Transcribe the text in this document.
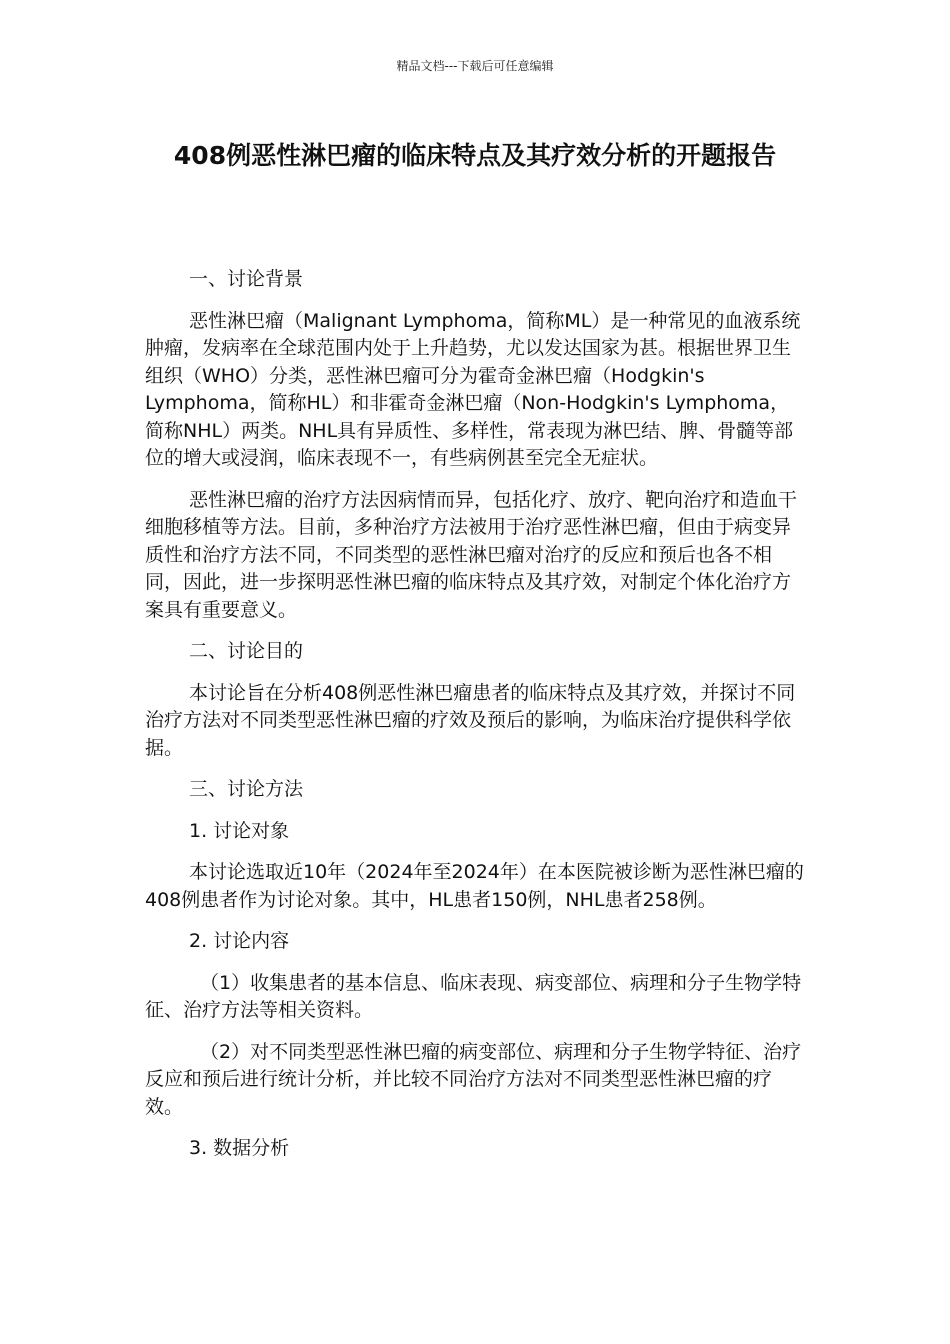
精品文档---下载后可任意编辑
408例恶性淋巴瘤的临床特点及其疗效分析的开题报告

一、讨论背景

恶性淋巴瘤（Malignant Lymphoma，简称ML）是一种常见的血液系统肿瘤，发病率在全球范围内处于上升趋势，尤以发达国家为甚。根据世界卫生组织（WHO）分类，恶性淋巴瘤可分为霍奇金淋巴瘤（Hodgkin's Lymphoma，简称HL）和非霍奇金淋巴瘤（Non-Hodgkin's Lymphoma，简称NHL）两类。NHL具有异质性、多样性，常表现为淋巴结、脾、骨髓等部位的增大或浸润，临床表现不一，有些病例甚至完全无症状。

恶性淋巴瘤的治疗方法因病情而异，包括化疗、放疗、靶向治疗和造血干细胞移植等方法。目前，多种治疗方法被用于治疗恶性淋巴瘤，但由于病变异质性和治疗方法不同，不同类型的恶性淋巴瘤对治疗的反应和预后也各不相同，因此，进一步探明恶性淋巴瘤的临床特点及其疗效，对制定个体化治疗方案具有重要意义。

二、讨论目的

本讨论旨在分析408例恶性淋巴瘤患者的临床特点及其疗效，并探讨不同治疗方法对不同类型恶性淋巴瘤的疗效及预后的影响，为临床治疗提供科学依据。

三、讨论方法

1. 讨论对象

本讨论选取近10年（2024年至2024年）在本医院被诊断为恶性淋巴瘤的408例患者作为讨论对象。其中，HL患者150例，NHL患者258例。

2. 讨论内容

（1）收集患者的基本信息、临床表现、病变部位、病理和分子生物学特征、治疗方法等相关资料。

（2）对不同类型恶性淋巴瘤的病变部位、病理和分子生物学特征、治疗反应和预后进行统计分析，并比较不同治疗方法对不同类型恶性淋巴瘤的疗效。

3. 数据分析
